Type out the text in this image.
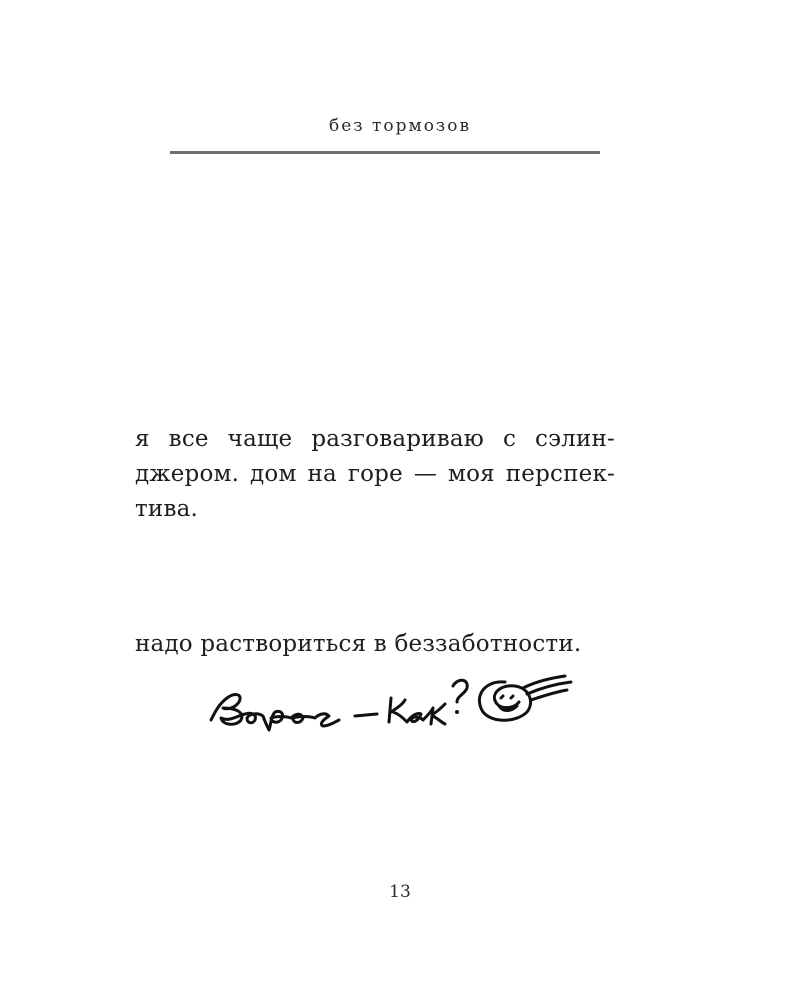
без тормозов

я все чаще разговариваю с сэлин-
джером. дом на горе — моя перспек-
тива.

надо раствориться в беззаботности.

13
